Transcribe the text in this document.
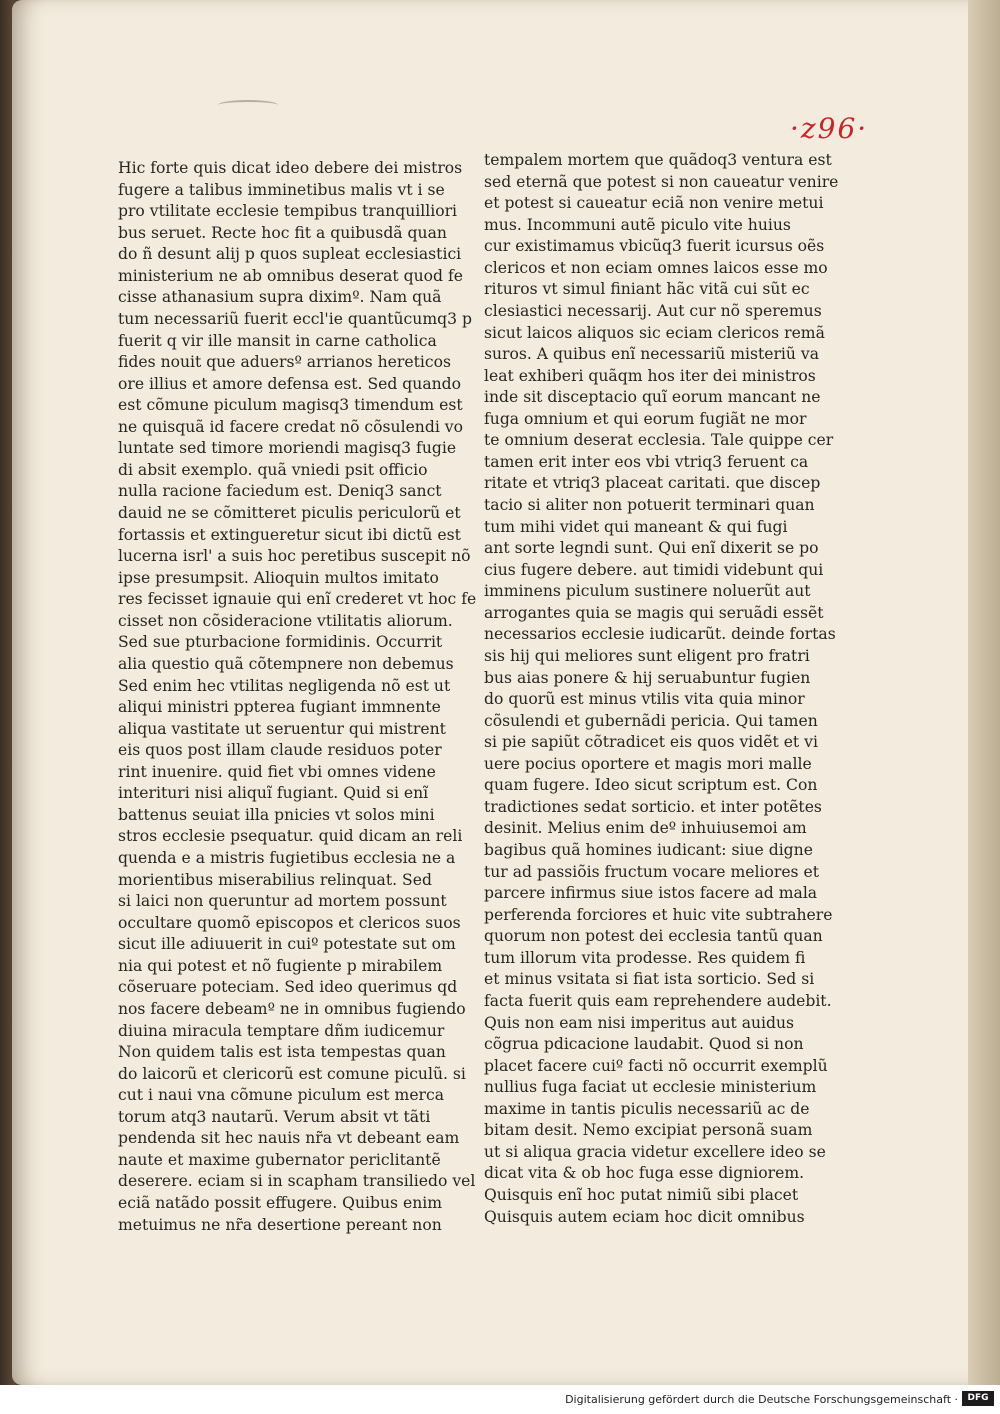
·z96·
Hic forte quis dicat ideo debere dei mistros
fugere a talibus imminetibus malis vt i se
pro vtilitate ecclesie tempibus tranquilliori
bus seruet. Recte hoc fit a quibusdã quan
do ñ desunt alij p quos supleat ecclesiastici
ministerium ne ab omnibus deserat quod fe
cisse athanasium supra diximº. Nam quã
tum necessariũ fuerit eccl'ie quantũcumq3 p
fuerit q vir ille mansit in carne catholica
fides nouit que aduersº arrianos hereticos
ore illius et amore defensa est. Sed quando
est cõmune piculum magisq3 timendum est
ne quisquã id facere credat nõ cõsulendi vo
luntate sed timore moriendi magisq3 fugie
di absit exemplo. quã vniedi psit officio
nulla racione faciedum est. Deniq3 sanct
dauid ne se cõmitteret piculis periculorũ et
fortassis et extingueretur sicut ibi dictũ est
lucerna isrl' a suis hoc peretibus suscepit nõ
ipse presumpsit. Alioquin multos imitato
res fecisset ignauie qui enĩ crederet vt hoc fe
cisset non cõsideracione vtilitatis aliorum.
Sed sue pturbacione formidinis. Occurrit
alia questio quã cõtempnere non debemus
Sed enim hec vtilitas negligenda nõ est ut
aliqui ministri ppterea fugiant immnente
aliqua vastitate ut seruentur qui mistrent
eis quos post illam claude residuos poter
rint inuenire. quid fiet vbi omnes videne
interituri nisi aliquĩ fugiant. Quid si enĩ
battenus seuiat illa pnicies vt solos mini
stros ecclesie psequatur. quid dicam an reli
quenda e a mistris fugietibus ecclesia ne a
morientibus miserabilius relinquat. Sed
si laici non queruntur ad mortem possunt
occultare quomõ episcopos et clericos suos
sicut ille adiuuerit in cuiº potestate sut om
nia qui potest et nõ fugiente p mirabilem
cõseruare poteciam. Sed ideo querimus qd
nos facere debeamº ne in omnibus fugiendo
diuina miracula temptare dñm iudicemur
Non quidem talis est ista tempestas quan
do laicorũ et clericorũ est comune piculũ. si
cut i naui vna cõmune piculum est merca
torum atq3 nautarũ. Verum absit vt tãti
pendenda sit hec nauis nr̃a vt debeant eam
naute et maxime gubernator periclitantẽ
deserere. eciam si in scapham transiliedo vel
eciã natãdo possit effugere. Quibus enim
metuimus ne nr̃a desertione pereant non
tempalem mortem que quãdoq3 ventura est
sed eternã que potest si non caueatur venire
et potest si caueatur eciã non venire metui
mus. Incommuni autẽ piculo vite huius
cur existimamus vbicũq3 fuerit icursus oẽs
clericos et non eciam omnes laicos esse mo
rituros vt simul finiant hãc vitã cui sũt ec
clesiastici necessarij. Aut cur nõ speremus
sicut laicos aliquos sic eciam clericos remã
suros. A quibus enĩ necessariũ misteriũ va
leat exhiberi quãqm hos iter dei ministros
inde sit disceptacio quĩ eorum mancant ne
fuga omnium et qui eorum fugiãt ne mor
te omnium deserat ecclesia. Tale quippe cer
tamen erit inter eos vbi vtriq3 feruent ca
ritate et vtriq3 placeat caritati. que discep
tacio si aliter non potuerit terminari quan
tum mihi videt qui maneant & qui fugi
ant sorte legndi sunt. Qui enĩ dixerit se po
cius fugere debere. aut timidi videbunt qui
imminens piculum sustinere noluerũt aut
arrogantes quia se magis qui seruãdi essẽt
necessarios ecclesie iudicarũt. deinde fortas
sis hij qui meliores sunt eligent pro fratri
bus aias ponere & hij seruabuntur fugien
do quorũ est minus vtilis vita quia minor
cõsulendi et gubernãdi pericia. Qui tamen
si pie sapiũt cõtradicet eis quos vidẽt et vi
uere pocius oportere et magis mori malle
quam fugere. Ideo sicut scriptum est. Con
tradictiones sedat sorticio. et inter potẽtes
desinit. Melius enim deº inhuiusemoi am
bagibus quã homines iudicant: siue digne
tur ad passiõis fructum vocare meliores et
parcere infirmus siue istos facere ad mala
perferenda forciores et huic vite subtrahere
quorum non potest dei ecclesia tantũ quan
tum illorum vita prodesse. Res quidem fi
et minus vsitata si fiat ista sorticio. Sed si
facta fuerit quis eam reprehendere audebit.
Quis non eam nisi imperitus aut auidus
cõgrua pdicacione laudabit. Quod si non
placet facere cuiº facti nõ occurrit exemplũ
nullius fuga faciat ut ecclesie ministerium
maxime in tantis piculis necessariũ ac de
bitam desit. Nemo excipiat personã suam
ut si aliqua gracia videtur excellere ideo se
dicat vita & ob hoc fuga esse digniorem.
Quisquis enĩ hoc putat nimiũ sibi placet
Quisquis autem eciam hoc dicit omnibus
Digitalisierung gefördert durch die Deutsche Forschungsgemeinschaft ·	DFG
